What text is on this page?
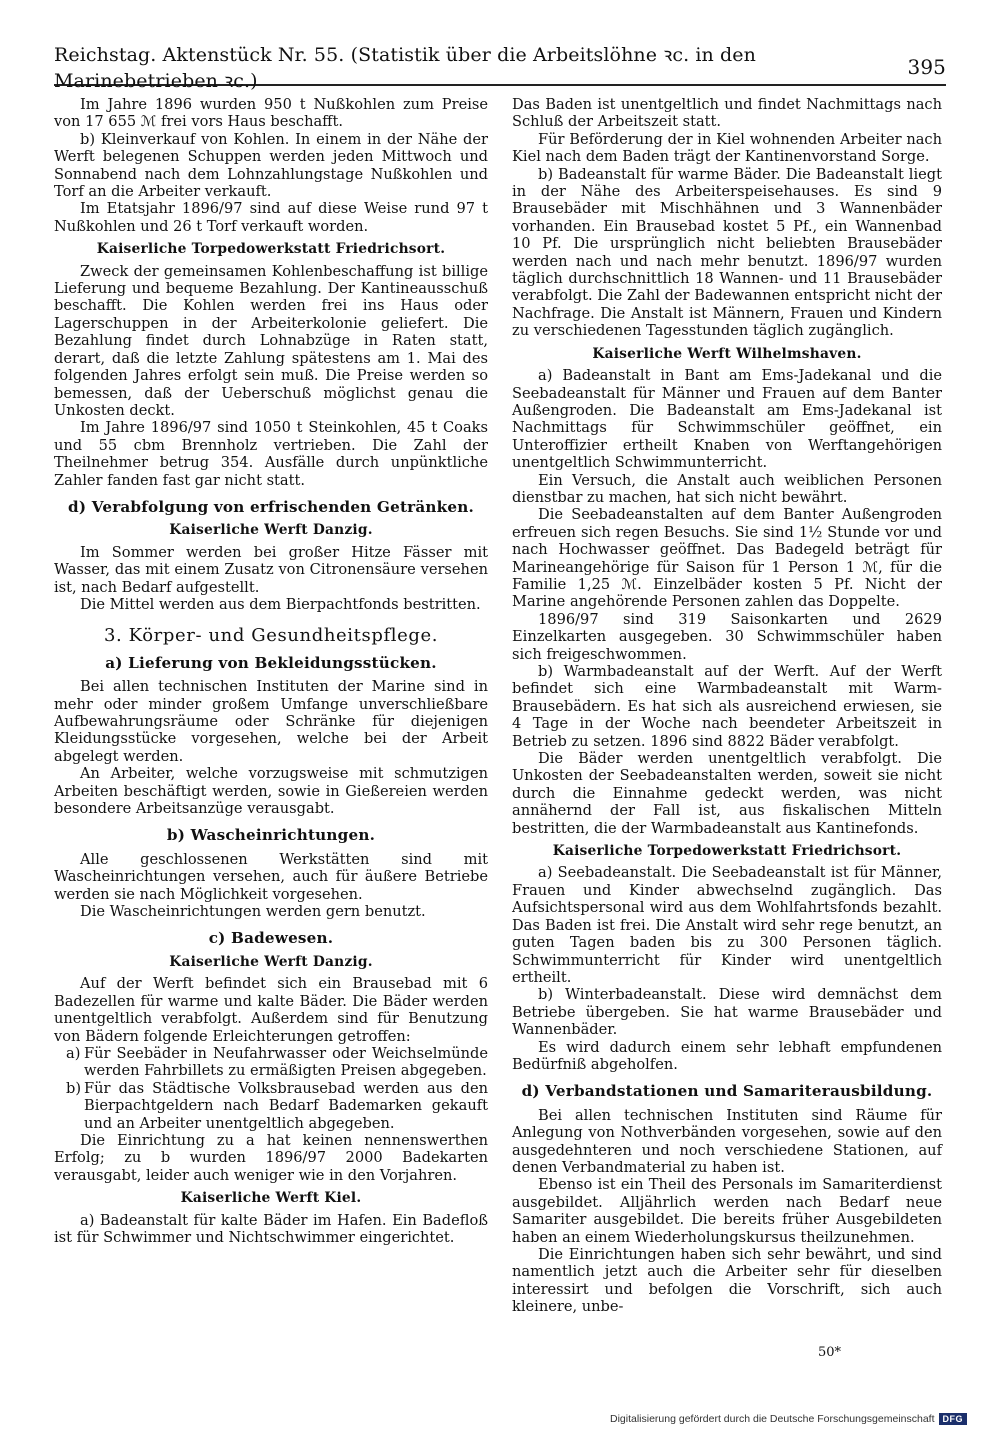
Reichstag. Aktenstück Nr. 55. (Statistik über die Arbeitslöhne ꝛc. in den Marinebetrieben ꝛc.)
395

Im Jahre 1896 wurden 950 t Nußkohlen zum Preise von 17 655 ℳ frei vors Haus beschafft.

b) Kleinverkauf von Kohlen. In einem in der Nähe der Werft belegenen Schuppen werden jeden Mittwoch und Sonnabend nach dem Lohnzahlungstage Nußkohlen und Torf an die Arbeiter verkauft.

Im Etatsjahr 1896/97 sind auf diese Weise rund 97 t Nußkohlen und 26 t Torf verkauft worden.

Kaiserliche Torpedowerkstatt Friedrichsort.

Zweck der gemeinsamen Kohlenbeschaffung ist billige Lieferung und bequeme Bezahlung. Der Kantineausschuß beschafft. Die Kohlen werden frei ins Haus oder Lagerschuppen in der Arbeiterkolonie geliefert. Die Bezahlung findet durch Lohnabzüge in Raten statt, derart, daß die letzte Zahlung spätestens am 1. Mai des folgenden Jahres erfolgt sein muß. Die Preise werden so bemessen, daß der Ueberschuß möglichst genau die Unkosten deckt.

Im Jahre 1896/97 sind 1050 t Steinkohlen, 45 t Coaks und 55 cbm Brennholz vertrieben. Die Zahl der Theilnehmer betrug 354. Ausfälle durch unpünktliche Zahler fanden fast gar nicht statt.

d) Verabfolgung von erfrischenden Getränken.

Kaiserliche Werft Danzig.

Im Sommer werden bei großer Hitze Fässer mit Wasser, das mit einem Zusatz von Citronensäure versehen ist, nach Bedarf aufgestellt.

Die Mittel werden aus dem Bierpachtfonds bestritten.

3. Körper- und Gesundheitspflege.

a) Lieferung von Bekleidungsstücken.

Bei allen technischen Instituten der Marine sind in mehr oder minder großem Umfange unverschließbare Aufbewahrungsräume oder Schränke für diejenigen Kleidungsstücke vorgesehen, welche bei der Arbeit abgelegt werden.

An Arbeiter, welche vorzugsweise mit schmutzigen Arbeiten beschäftigt werden, sowie in Gießereien werden besondere Arbeitsanzüge verausgabt.

b) Wascheinrichtungen.

Alle geschlossenen Werkstätten sind mit Wascheinrichtungen versehen, auch für äußere Betriebe werden sie nach Möglichkeit vorgesehen.

Die Wascheinrichtungen werden gern benutzt.

c) Badewesen.

Kaiserliche Werft Danzig.

Auf der Werft befindet sich ein Brausebad mit 6 Badezellen für warme und kalte Bäder. Die Bäder werden unentgeltlich verabfolgt. Außerdem sind für Benutzung von Bädern folgende Erleichterungen getroffen:

a) Für Seebäder in Neufahrwasser oder Weichselmünde werden Fahrbillets zu ermäßigten Preisen abgegeben.

b) Für das Städtische Volksbrausebad werden aus den Bierpachtgeldern nach Bedarf Bademarken gekauft und an Arbeiter unentgeltlich abgegeben.

Die Einrichtung zu a hat keinen nennenswerthen Erfolg; zu b wurden 1896/97 2000 Badekarten verausgabt, leider auch weniger wie in den Vorjahren.

Kaiserliche Werft Kiel.

a) Badeanstalt für kalte Bäder im Hafen. Ein Badefloß ist für Schwimmer und Nichtschwimmer eingerichtet.

Das Baden ist unentgeltlich und findet Nachmittags nach Schluß der Arbeitszeit statt.

Für Beförderung der in Kiel wohnenden Arbeiter nach Kiel nach dem Baden trägt der Kantinenvorstand Sorge.

b) Badeanstalt für warme Bäder. Die Badeanstalt liegt in der Nähe des Arbeiterspeisehauses. Es sind 9 Brausebäder mit Mischhähnen und 3 Wannenbäder vorhanden. Ein Brausebad kostet 5 Pf., ein Wannenbad 10 Pf. Die ursprünglich nicht beliebten Brausebäder werden nach und nach mehr benutzt. 1896/97 wurden täglich durchschnittlich 18 Wannen- und 11 Brausebäder verabfolgt. Die Zahl der Badewannen entspricht nicht der Nachfrage. Die Anstalt ist Männern, Frauen und Kindern zu verschiedenen Tagesstunden täglich zugänglich.

Kaiserliche Werft Wilhelmshaven.

a) Badeanstalt in Bant am Ems-Jadekanal und die Seebadeanstalt für Männer und Frauen auf dem Banter Außengroden. Die Badeanstalt am Ems-Jadekanal ist Nachmittags für Schwimmschüler geöffnet, ein Unteroffizier ertheilt Knaben von Werftangehörigen unentgeltlich Schwimmunterricht.

Ein Versuch, die Anstalt auch weiblichen Personen dienstbar zu machen, hat sich nicht bewährt.

Die Seebadeanstalten auf dem Banter Außengroden erfreuen sich regen Besuchs. Sie sind 1½ Stunde vor und nach Hochwasser geöffnet. Das Badegeld beträgt für Marineangehörige für Saison für 1 Person 1 ℳ, für die Familie 1,25 ℳ. Einzelbäder kosten 5 Pf. Nicht der Marine angehörende Personen zahlen das Doppelte.

1896/97 sind 319 Saisonkarten und 2629 Einzelkarten ausgegeben. 30 Schwimmschüler haben sich freigeschwommen.

b) Warmbadeanstalt auf der Werft. Auf der Werft befindet sich eine Warmbadeanstalt mit Warm-Brausebädern. Es hat sich als ausreichend erwiesen, sie 4 Tage in der Woche nach beendeter Arbeitszeit in Betrieb zu setzen. 1896 sind 8822 Bäder verabfolgt.

Die Bäder werden unentgeltlich verabfolgt. Die Unkosten der Seebadeanstalten werden, soweit sie nicht durch die Einnahme gedeckt werden, was nicht annähernd der Fall ist, aus fiskalischen Mitteln bestritten, die der Warmbadeanstalt aus Kantinefonds.

Kaiserliche Torpedowerkstatt Friedrichsort.

a) Seebadeanstalt. Die Seebadeanstalt ist für Männer, Frauen und Kinder abwechselnd zugänglich. Das Aufsichtspersonal wird aus dem Wohlfahrtsfonds bezahlt. Das Baden ist frei. Die Anstalt wird sehr rege benutzt, an guten Tagen baden bis zu 300 Personen täglich. Schwimmunterricht für Kinder wird unentgeltlich ertheilt.

b) Winterbadeanstalt. Diese wird demnächst dem Betriebe übergeben. Sie hat warme Brausebäder und Wannenbäder.

Es wird dadurch einem sehr lebhaft empfundenen Bedürfniß abgeholfen.

d) Verbandstationen und Samariterausbildung.

Bei allen technischen Instituten sind Räume für Anlegung von Nothverbänden vorgesehen, sowie auf den ausgedehnteren und noch verschiedene Stationen, auf denen Verbandmaterial zu haben ist.

Ebenso ist ein Theil des Personals im Samariterdienst ausgebildet. Alljährlich werden nach Bedarf neue Samariter ausgebildet. Die bereits früher Ausgebildeten haben an einem Wiederholungskursus theilzunehmen.

Die Einrichtungen haben sich sehr bewährt, und sind namentlich jetzt auch die Arbeiter sehr für dieselben interessirt und befolgen die Vorschrift, sich auch kleinere, unbe-

50*
Digitalisierung gefördert durch die Deutsche Forschungsgemeinschaft DFG
